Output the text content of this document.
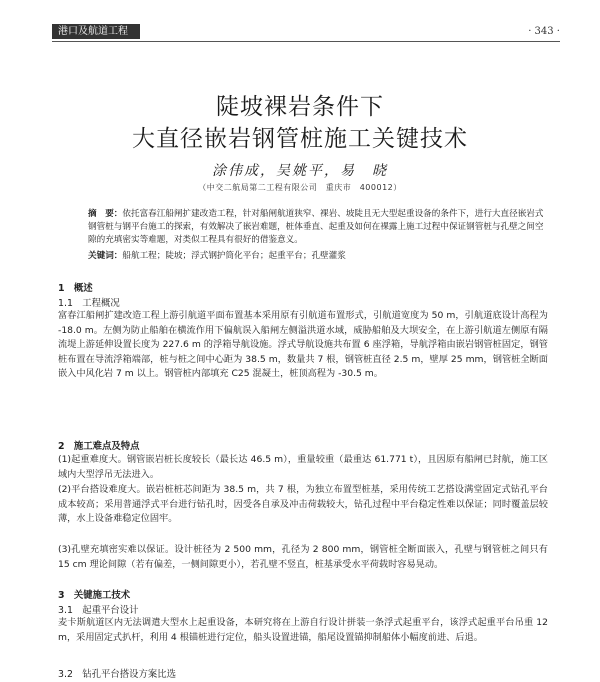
港口及航道工程	· 343 ·
陡坡裸岩条件下
大直径嵌岩钢管桩施工关键技术
涂伟成，吴姚平，易　晓
（中交二航局第二工程有限公司　重庆市　400012）
摘　要：依托富春江船闸扩建改造工程，针对船闸航道狭窄、裸岩、坡陡且无大型起重设备的条件下，进行大直径嵌岩式钢管桩与钢平台施工的探索，有效解决了嵌岩难题，桩体垂直、起重及如何在裸露上施工过程中保证钢管桩与孔壁之间空隙的充填密实等难题，对类似工程具有很好的借鉴意义。
关键词：船航工程；陡坡；浮式钢护筒化平台；起重平台；孔壁灌浆
1　概述
1.1　工程概况
富春江船闸扩建改造工程上游引航道平面布置基本采用原有引航道布置形式，引航道宽度为 50 m，引航道底设计高程为 -18.0 m。左侧为防止船舶在横流作用下偏航误入船闸左侧溢洪道水域，威胁船舶及大坝安全，在上游引航道左侧原有隔流堤上游延伸设置长度为 227.6 m 的浮箱导航设施。浮式导航设施共布置 6 座浮箱，导航浮箱由嵌岩钢管桩固定，钢管桩布置在导流浮箱端部，桩与桩之间中心距为 38.5 m，数量共 7 根，钢管桩直径 2.5 m，壁厚 25 mm，钢管桩全断面嵌入中风化岩 7 m 以上。钢管桩内部填充 C25 混凝土，桩顶高程为 -30.5 m。
2　施工难点及特点
(1)起重难度大。钢管嵌岩桩长度较长（最长达 46.5 m），重量较重（最重达 61.771 t），且因原有船闸已封航，施工区域内大型浮吊无法进入。
(2)平台搭设难度大。嵌岩桩桩芯间距为 38.5 m，共 7 根，为独立布置型桩基，采用传统工艺搭设满堂固定式钻孔平台成本较高；采用普通浮式平台进行钻孔时，因受各自承及冲击荷载较大，钻孔过程中平台稳定性难以保证；同时覆盖层较薄，水上设备难稳定位固牢。
(3)孔壁充填密实难以保证。设计桩径为 2 500 mm，孔径为 2 800 mm，钢管桩全断面嵌入，孔壁与钢管桩之间只有 15 cm 理论间隙（若有偏差，一侧间隙更小），若孔壁不竖直，桩基承受水平荷载时容易晃动。
3　关键施工技术
3.1　起重平台设计
麦卡斯航道区内无法调遣大型水上起重设备，本研究将在上游自行设计拼装一条浮式起重平台，该浮式起重平台吊重 12 m，采用固定式扒杆，利用 4 根锚桩进行定位，船头设置进锚，船尾设置锚抑制船体小幅度前进、后退。
3.2　钻孔平台搭设方案比选
